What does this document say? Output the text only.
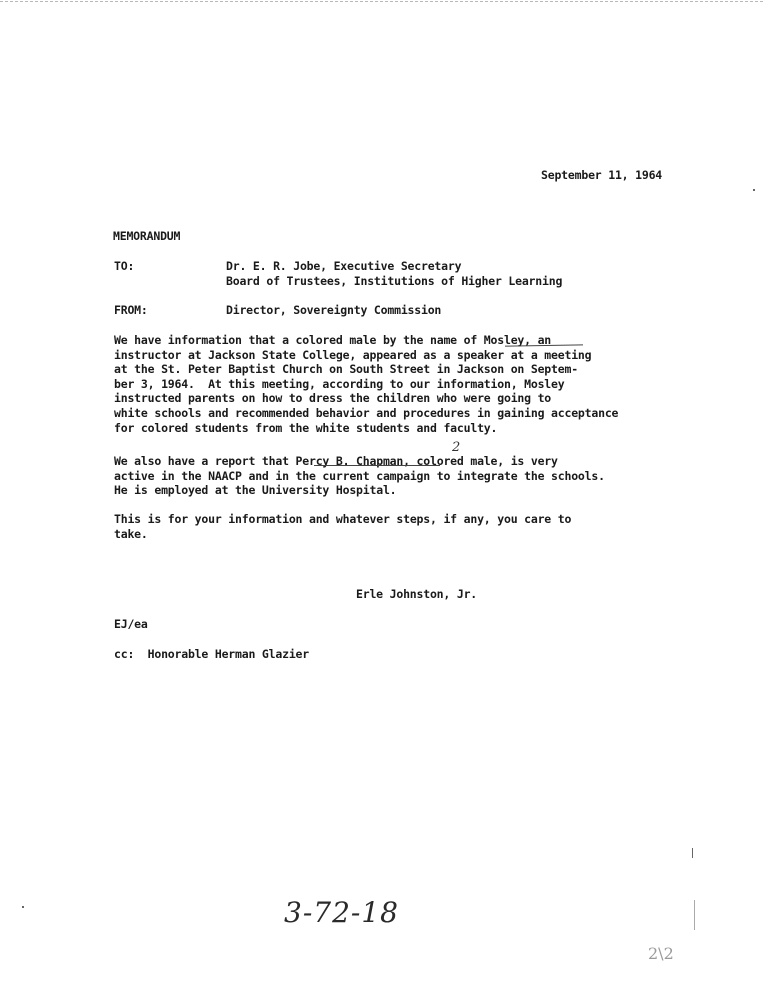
September 11, 1964
MEMORANDUM
TO:	Dr. E. R. Jobe, Executive Secretary
Board of Trustees, Institutions of Higher Learning
FROM:	Director, Sovereignty Commission
We have information that a colored male by the name of Mosley, an
instructor at Jackson State College, appeared as a speaker at a meeting
at the St. Peter Baptist Church on South Street in Jackson on Septem-
ber 3, 1964.  At this meeting, according to our information, Mosley
instructed parents on how to dress the children who were going to
white schools and recommended behavior and procedures in gaining acceptance
for colored students from the white students and faculty.
2
We also have a report that Percy B. Chapman, colored male, is very
active in the NAACP and in the current campaign to integrate the schools.
He is employed at the University Hospital.
This is for your information and whatever steps, if any, you care to
take.
Erle Johnston, Jr.
EJ/ea
cc:  Honorable Herman Glazier
3-72-18
2\2
